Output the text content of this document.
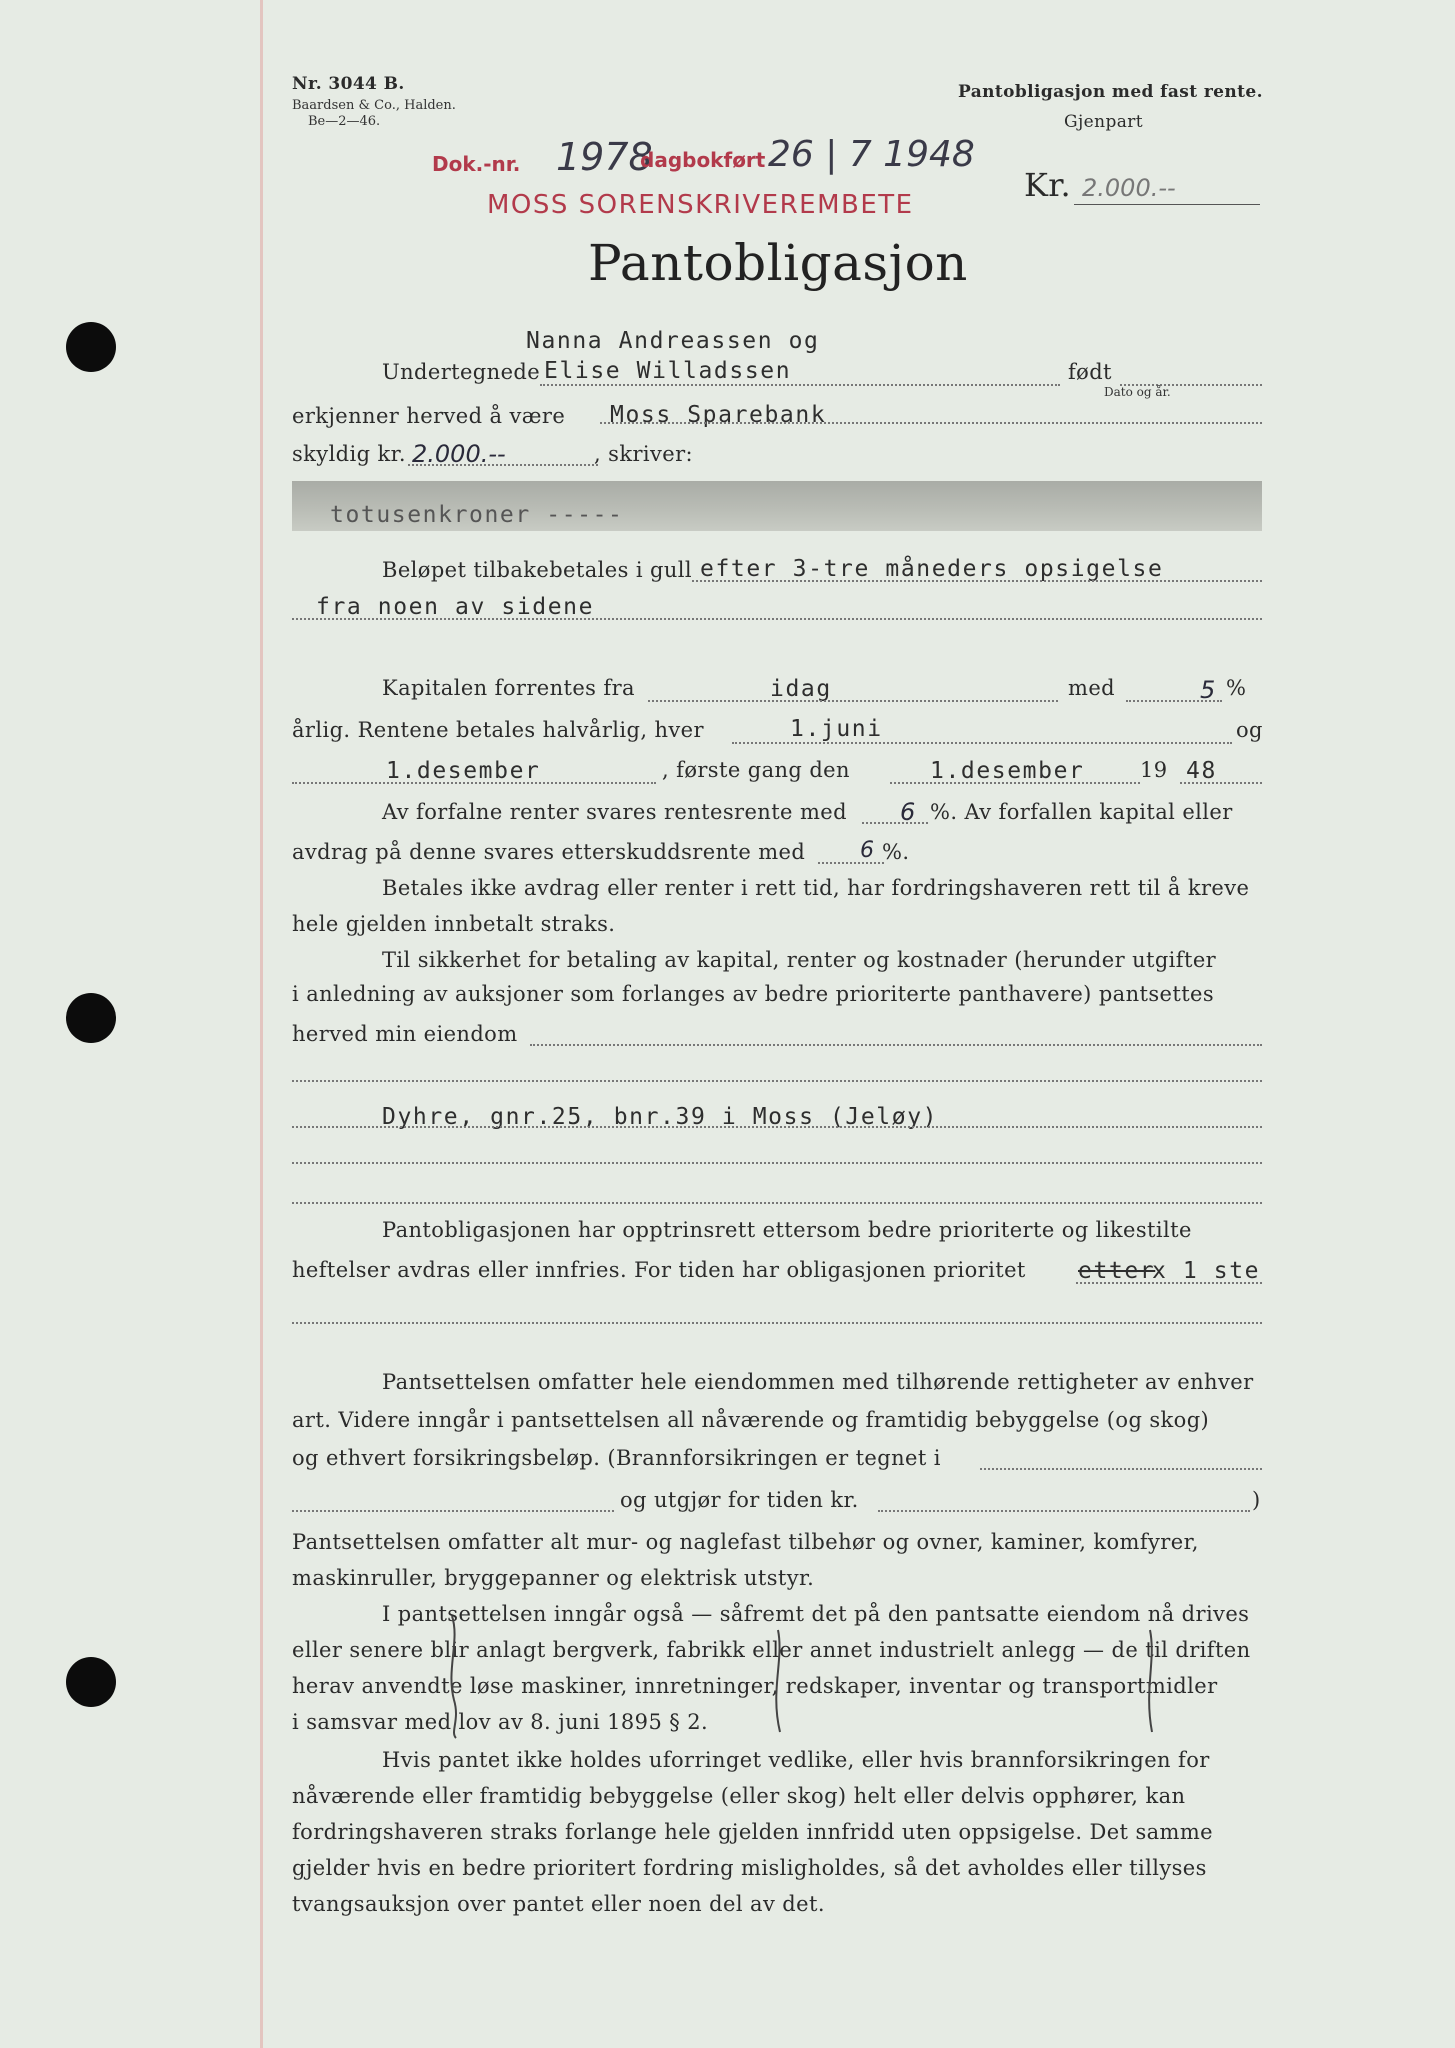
Nr. 3044 B.
Baardsen & Co., Halden.
Be—2—46.
Pantobligasjon med fast rente.
Gjenpart
Dok.-nr. 1978
dagbokført 26 | 7 1948
MOSS SORENSKRIVEREMBETE
Kr. 2.000.--
Pantobligasjon
Nanna Andreassen og
Undertegnede Elise Willadssen	født
Dato og år.
erkjenner herved å være Moss Sparebank
skyldig kr. 2.000.--	, skriver:
totusenkroner -----
Beløpet tilbakebetales i gull efter 3-tre måneders opsigelse
fra noen av sidene
Kapitalen forrentes fra	idag	med	5 %
årlig. Rentene betales halvårlig, hver	1.juni	og
1.desember	, første gang den	1.desember	19 48
Av forfalne renter svares rentesrente med 6 %. Av forfallen kapital eller
avdrag på denne svares etterskuddsrente med 6 %.
Betales ikke avdrag eller renter i rett tid, har fordringshaveren rett til å kreve
hele gjelden innbetalt straks.
Til sikkerhet for betaling av kapital, renter og kostnader (herunder utgifter
i anledning av auksjoner som forlanges av bedre prioriterte panthavere) pantsettes
herved min eiendom
Dyhre, gnr.25, bnr.39 i Moss (Jeløy)
Pantobligasjonen har opptrinsrett ettersom bedre prioriterte og likestilte
heftelser avdras eller innfries. For tiden har obligasjonen prioritet etter
x 1 ste
Pantsettelsen omfatter hele eiendommen med tilhørende rettigheter av enhver
art. Videre inngår i pantsettelsen all nåværende og framtidig bebyggelse (og skog)
og ethvert forsikringsbeløp. (Brannforsikringen er tegnet i
og utgjør for tiden kr.	)
Pantsettelsen omfatter alt mur- og naglefast tilbehør og ovner, kaminer, komfyrer,
maskinruller, bryggepanner og elektrisk utstyr.
I pantsettelsen inngår også — såfremt det på den pantsatte eiendom nå drives
eller senere blir anlagt bergverk, fabrikk eller annet industrielt anlegg — de til driften
herav anvendte løse maskiner, innretninger, redskaper, inventar og transportmidler
i samsvar med lov av 8. juni 1895 § 2.
Hvis pantet ikke holdes uforringet vedlike, eller hvis brannforsikringen for
nåværende eller framtidig bebyggelse (eller skog) helt eller delvis opphører, kan
fordringshaveren straks forlange hele gjelden innfridd uten oppsigelse. Det samme
gjelder hvis en bedre prioritert fordring misligholdes, så det avholdes eller tillyses
tvangsauksjon over pantet eller noen del av det.
